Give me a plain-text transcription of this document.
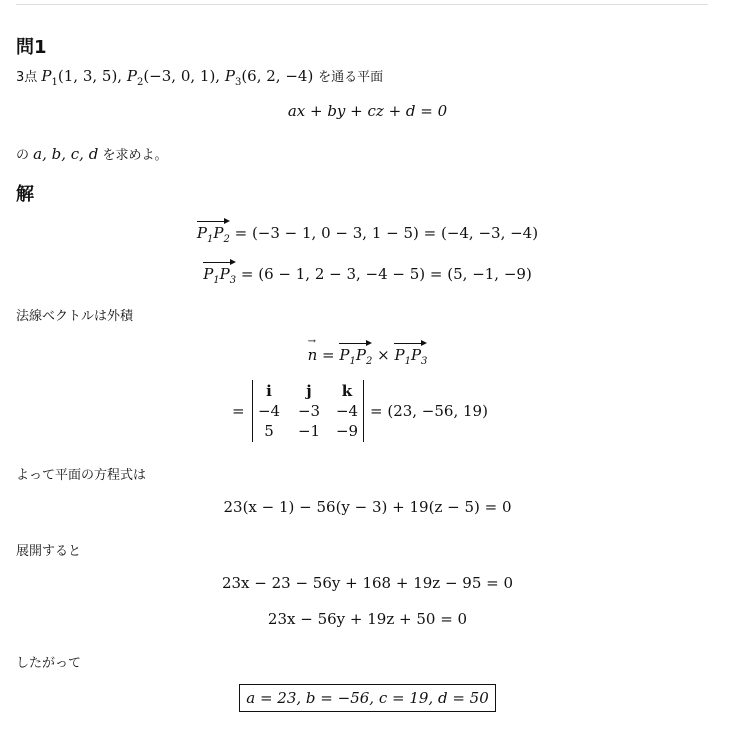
問1
3点 $P_1(1$, 3, 5), $P_2(-3$, 0, 1), $P_3(6$, 2, −4) を通る平面
ax + by + cz + d = 0
の a, b, c, d を求めよ。
解
$P_1P_2 = (-3 - 1$, 0 − 3, 1 − 5) = (−4, −3, −4)
$P_1P_3 = (6 - 1$, 2 − 3, −4 − 5) = (5, −1, −9)
法線ベクトルは外積
n → = $P_1P_2 \times P_1P_3$
=
i	j	k
−4	−3	−4
5	−1	−9
= (23, −56, 19)
よって平面の方程式は
23(x − 1) − 56(y − 3) + 19(z − 5) = 0
展開すると
23x − 23 − 56y + 168 + 19z − 95 = 0
23x − 56y + 19z + 50 = 0
したがって
a = 23, b = −56, c = 19, d = 50
